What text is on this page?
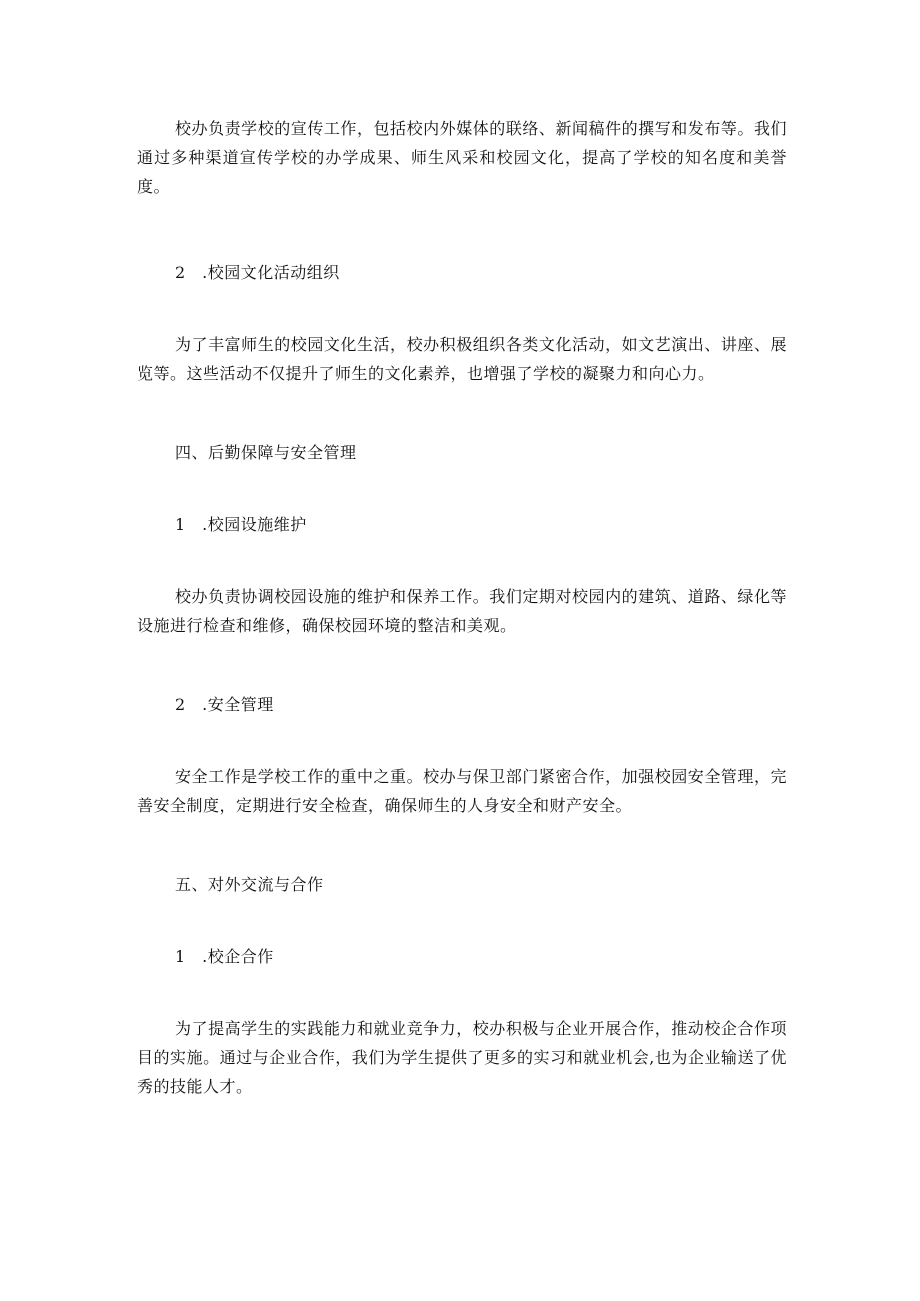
校办负责学校的宣传工作，包括校内外媒体的联络、新闻稿件的撰写和发布等。我们通过多种渠道宣传学校的办学成果、师生风采和校园文化，提高了学校的知名度和美誉度。

2　.校园文化活动组织

为了丰富师生的校园文化生活，校办积极组织各类文化活动，如文艺演出、讲座、展览等。这些活动不仅提升了师生的文化素养，也增强了学校的凝聚力和向心力。

四、后勤保障与安全管理

1　.校园设施维护

校办负责协调校园设施的维护和保养工作。我们定期对校园内的建筑、道路、绿化等设施进行检查和维修，确保校园环境的整洁和美观。

2　.安全管理

安全工作是学校工作的重中之重。校办与保卫部门紧密合作，加强校园安全管理，完善安全制度，定期进行安全检查，确保师生的人身安全和财产安全。

五、对外交流与合作

1　.校企合作

为了提高学生的实践能力和就业竞争力，校办积极与企业开展合作，推动校企合作项目的实施。通过与企业合作，我们为学生提供了更多的实习和就业机会,也为企业输送了优秀的技能人才。
